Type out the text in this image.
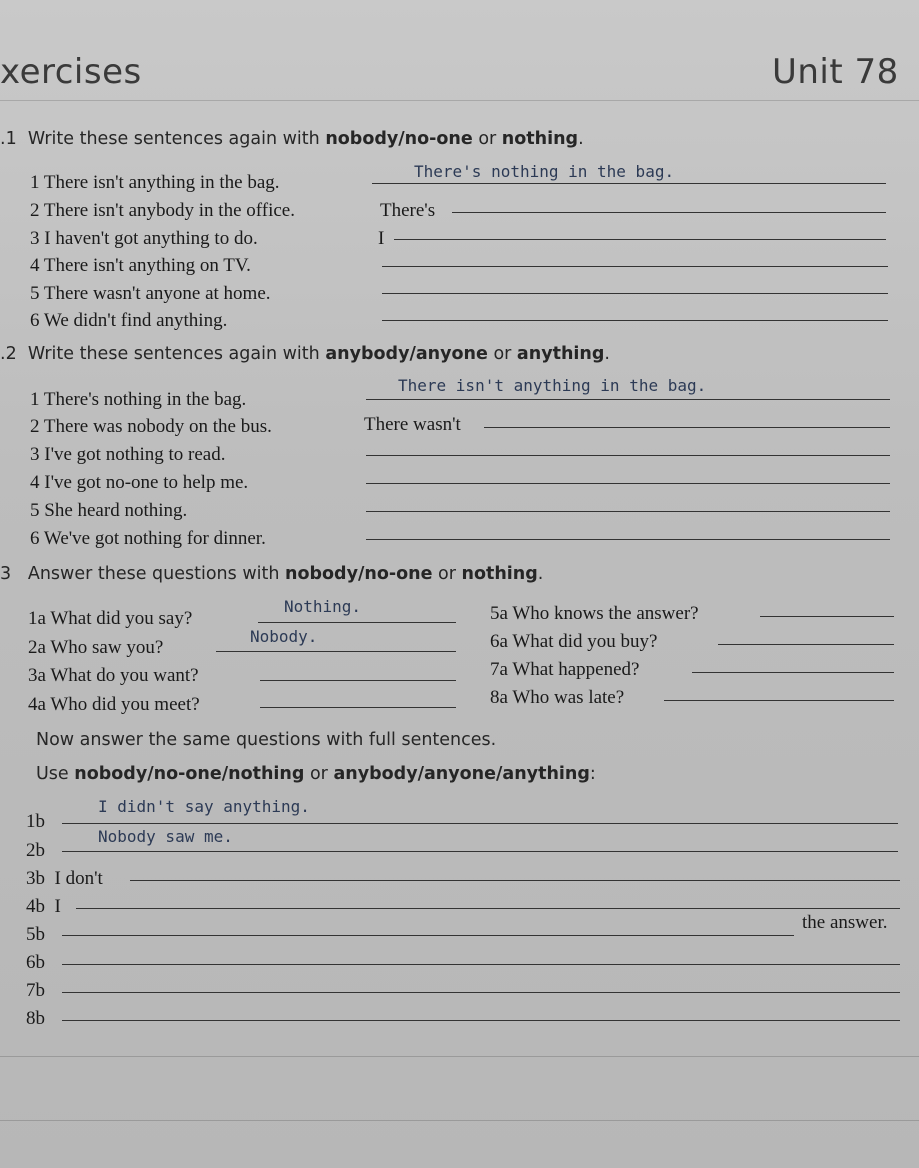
xercises	Unit 78
.1 Write these sentences again with nobody/no-one or nothing.
1 There isn't anything in the bag.
There's nothing in the bag.
2 There isn't anybody in the office.	There's
3 I haven't got anything to do.	I
4 There isn't anything on TV.
5 There wasn't anyone at home.
6 We didn't find anything.
.2 Write these sentences again with anybody/anyone or anything.
1 There's nothing in the bag.
There isn't anything in the bag.
2 There was nobody on the bus.	There wasn't
3 I've got nothing to read.
4 I've got no-one to help me.
5 She heard nothing.
6 We've got nothing for dinner.
3 Answer these questions with nobody/no-one or nothing.
1a What did you say?
Nothing.
2a Who saw you?
Nobody.
3a What do you want?
4a Who did you meet?
5a Who knows the answer?
6a What did you buy?
7a What happened?
8a Who was late?
Now answer the same questions with full sentences.
Use nobody/no-one/nothing or anybody/anyone/anything:
1b
I didn't say anything.
2b
Nobody saw me.
3b I don't
4b I
5b
the answer.
6b
7b
8b
